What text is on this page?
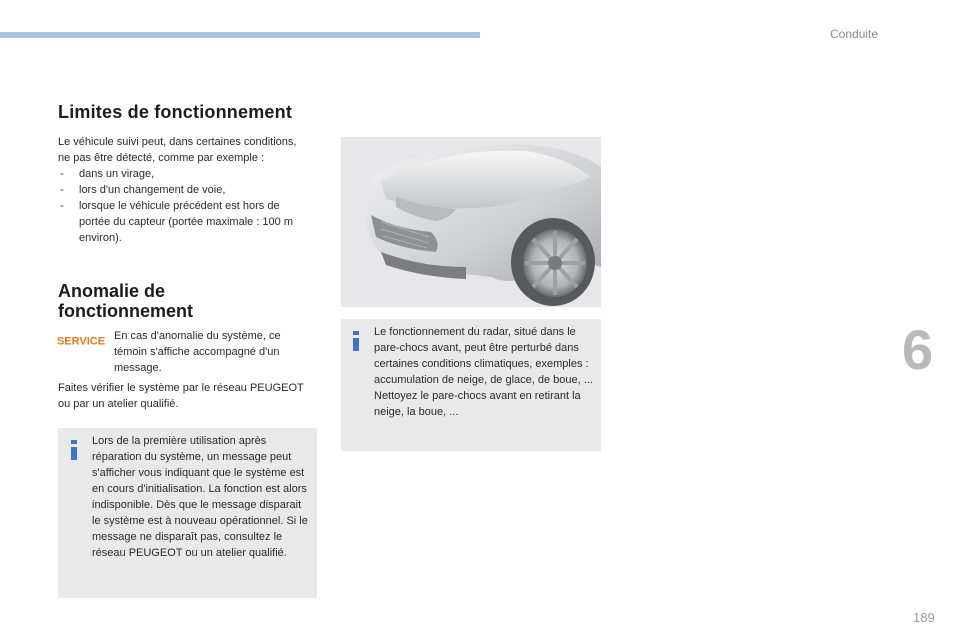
Conduite
6
Limites de fonctionnement
Le véhicule suivi peut, dans certaines conditions, ne pas être détecté, comme par exemple :
- dans un virage,
- lors d'un changement de voie,
- lorsque le véhicule précédent est hors de portée du capteur (portée maximale : 100 m environ).
Anomalie de fonctionnement
SERVICE En cas d'anomalie du système, ce témoin s'affiche accompagné d'un message.
Faites vérifier le système par le réseau PEUGEOT ou par un atelier qualifié.
Lors de la première utilisation après réparation du système, un message peut s'afficher vous indiquant que le système est en cours d'initialisation. La fonction est alors indisponible. Dès que le message disparait le système est à nouveau opérationnel. Si le message ne disparaît pas, consultez le réseau PEUGEOT ou un atelier qualifié.
Le fonctionnement du radar, situé dans le pare-chocs avant, peut être perturbé dans certaines conditions climatiques, exemples : accumulation de neige, de glace, de boue, ...
Nettoyez le pare-chocs avant en retirant la neige, la boue, ...
189
